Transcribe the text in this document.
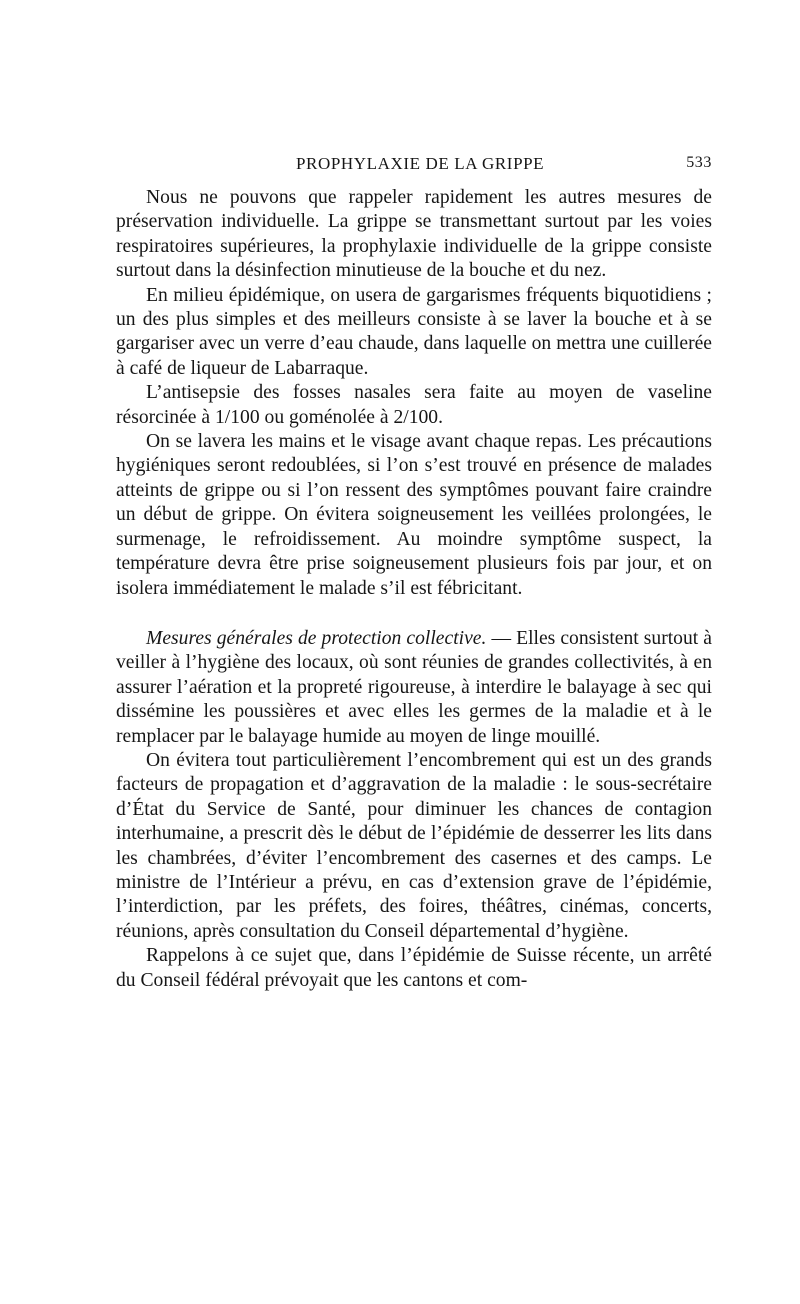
PROPHYLAXIE DE LA GRIPPE	533

Nous ne pouvons que rappeler rapidement les autres mesures de préservation individuelle. La grippe se transmettant surtout par les voies respiratoires supérieures, la prophylaxie individuelle de la grippe consiste surtout dans la désinfection minutieuse de la bouche et du nez.

En milieu épidémique, on usera de gargarismes fréquents biquotidiens ; un des plus simples et des meilleurs consiste à se laver la bouche et à se gargariser avec un verre d’eau chaude, dans laquelle on mettra une cuillerée à café de liqueur de Labarraque.

L’antisepsie des fosses nasales sera faite au moyen de vaseline résorcinée à 1/100 ou goménolée à 2/100.

On se lavera les mains et le visage avant chaque repas. Les précautions hygiéniques seront redoublées, si l’on s’est trouvé en présence de malades atteints de grippe ou si l’on ressent des symptômes pouvant faire craindre un début de grippe. On évitera soigneusement les veillées prolongées, le surmenage, le refroidissement. Au moindre symptôme suspect, la température devra être prise soigneusement plusieurs fois par jour, et on isolera immédiatement le malade s’il est fébricitant.

Mesures générales de protection collective. — Elles consistent surtout à veiller à l’hygiène des locaux, où sont réunies de grandes collectivités, à en assurer l’aération et la propreté rigoureuse, à interdire le balayage à sec qui dissémine les poussières et avec elles les germes de la maladie et à le remplacer par le balayage humide au moyen de linge mouillé.

On évitera tout particulièrement l’encombrement qui est un des grands facteurs de propagation et d’aggravation de la maladie : le sous-secrétaire d’État du Service de Santé, pour diminuer les chances de contagion interhumaine, a prescrit dès le début de l’épidémie de desserrer les lits dans les chambrées, d’éviter l’encombrement des casernes et des camps. Le ministre de l’Intérieur a prévu, en cas d’extension grave de l’épidémie, l’interdiction, par les préfets, des foires, théâtres, cinémas, concerts, réunions, après consultation du Conseil départemental d’hygiène.

Rappelons à ce sujet que, dans l’épidémie de Suisse récente, un arrêté du Conseil fédéral prévoyait que les cantons et com-
